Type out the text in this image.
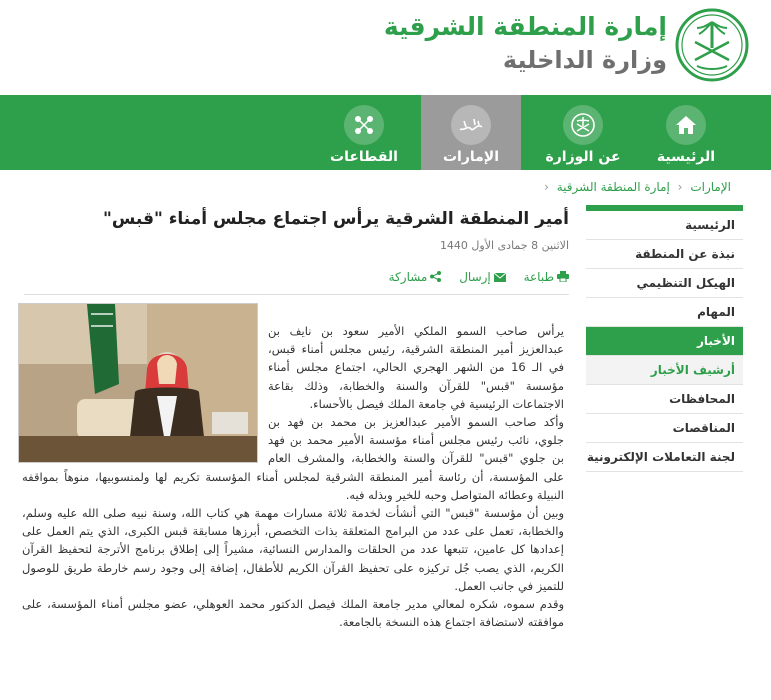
إمارة المنطقة الشرقية
وزارة الداخلية
الرئيسية
عن الوزارة
الإمارات
القطاعات
الإمارات ‹ إمارة المنطقة الشرقية ‹
الرئيسية
نبذة عن المنطقة
الهيكل التنظيمي
المهام
الأخبار
أرشيف الأخبار
المحافظات
المناقصات
لجنة التعاملات الإلكترونية
أمير المنطقة الشرقية يرأس اجتماع مجلس أمناء "قبس"
الاثنين 8 جمادى الأول 1440
طباعة إرسال مشاركة

يرأس صاحب السمو الملكي الأمير سعود بن نايف بن عبدالعزيز أمير المنطقة الشرقية، رئيس مجلس أمناء قبس، في الـ 16 من الشهر الهجري الحالي، اجتماع مجلس أمناء مؤسسة "قبس" للقرآن والسنة والخطابة، وذلك بقاعة الاجتماعات الرئيسية في جامعة الملك فيصل بالأحساء.

وأكد صاحب السمو الأمير عبدالعزيز بن محمد بن فهد بن جلوي، نائب رئيس مجلس أمناء مؤسسة الأمير محمد بن فهد بن جلوي "قبس" للقرآن والسنة والخطابة، والمشرف العام على المؤسسة، أن رئاسة أمير المنطقة الشرقية لمجلس أمناء المؤسسة تكريم لها ولمنسوبيها، منوهاً بمواقفه النبيلة وعطائه المتواصل وحبه للخير وبذله فيه.

وبين أن مؤسسة "قبس" التي أنشأت لخدمة ثلاثة مسارات مهمة هي كتاب الله، وسنة نبيه صلى الله عليه وسلم، والخطابة، تعمل على عدد من البرامج المتعلقة بذات التخصص، أبرزها مسابقة قبس الكبرى، الذي يتم العمل على إعدادها كل عامين، تتبعها عدد من الحلقات والمدارس النسائية، مشيراً إلى إطلاق برنامج الأترجة لتحفيظ القرآن الكريم، الذي يصب جُل تركيزه على تحفيظ القرآن الكريم للأطفال، إضافة إلى وجود رسم خارطة طريق للوصول للتميز في جانب العمل.

وقدم سموه، شكره لمعالي مدير جامعة الملك فيصل الدكتور محمد العوهلي، عضو مجلس أمناء المؤسسة، على موافقته لاستضافة اجتماع هذه النسخة بالجامعة.
